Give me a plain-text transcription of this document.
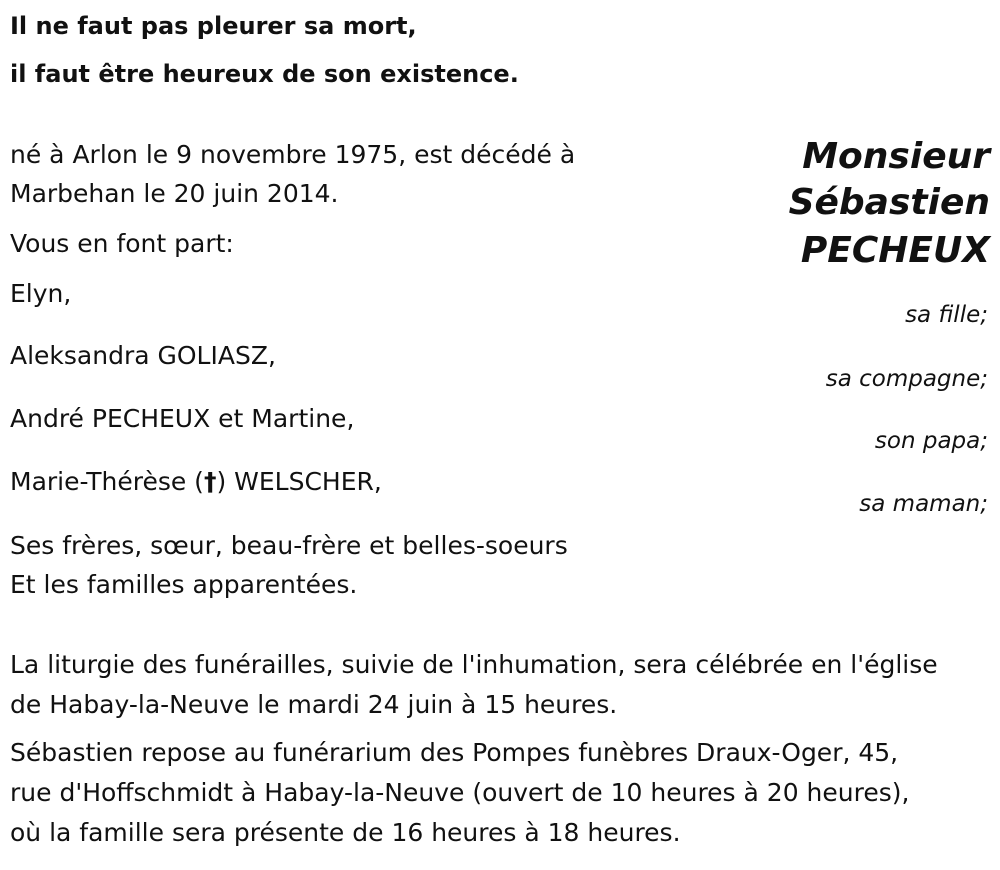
Il ne faut pas pleurer sa mort,
il faut être heureux de son existence.
Monsieur
Sébastien
PECHEUX
né à Arlon le 9 novembre 1975, est décédé à
Marbehan le 20 juin 2014.
Vous en font part:
Elyn,
sa fille;
Aleksandra GOLIASZ,
sa compagne;
André PECHEUX et Martine,
son papa;
Marie-Thérèse (†) WELSCHER,
sa maman;
Ses frères, sœur, beau-frère et belles-soeurs
Et les familles apparentées.
La liturgie des funérailles, suivie de l'inhumation, sera célébrée en l'église
de Habay-la-Neuve le mardi 24 juin à 15 heures.
Sébastien repose au funérarium des Pompes funèbres Draux-Oger, 45,
rue d'Hoffschmidt à Habay-la-Neuve (ouvert de 10 heures à 20 heures),
où la famille sera présente de 16 heures à 18 heures.
